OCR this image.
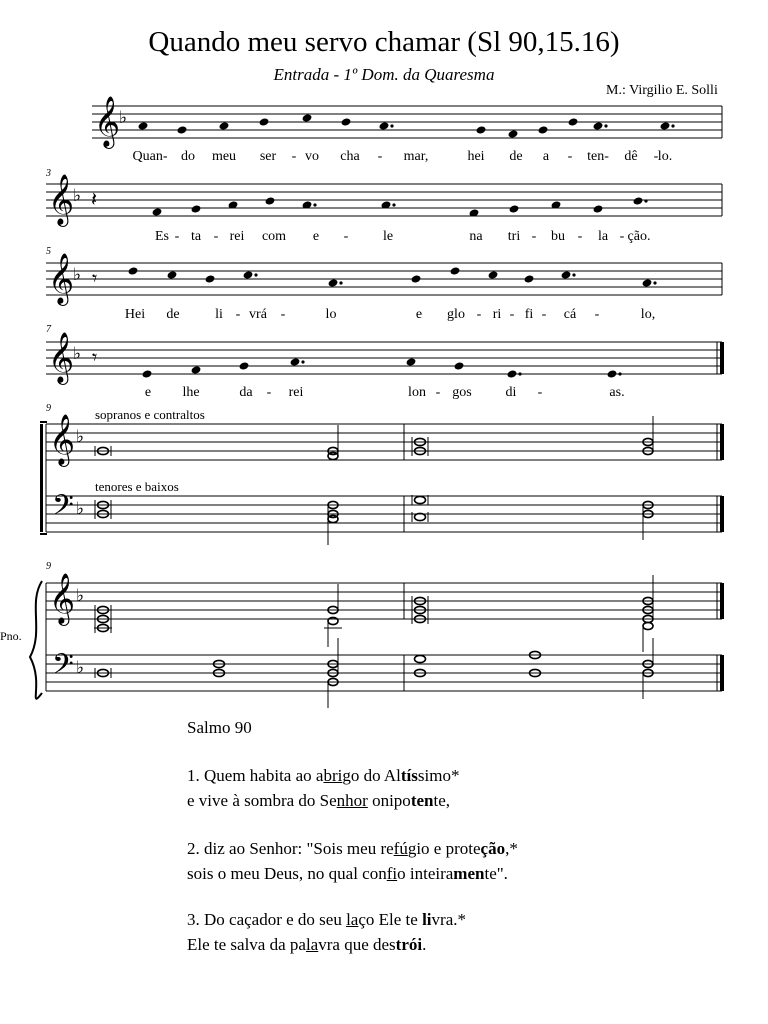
Quando meu servo chamar (Sl 90,15.16)
Entrada - 1º Dom. da Quaresma
M.: Virgilio E. Solli
𝄞
♭
𝄞
♭ 𝄽
𝄞
♭ 𝄾
𝄞
♭ 𝄾
𝄞 ♭
𝄢 ♭
𝄞 ♭
𝄢 ♭
3
5
7
9
9
sopranos e contraltos
tenores e baixos
Pno.
Quan- do meu ser - vo cha - mar,	hei de a - ten- dê - lo.
Es - ta - rei com e - le	na tri - bu - la - ção.
Hei de	li - vrá -	lo	e glo - ri - fi - cá -	lo,
e lhe	da - rei	lon - gos di -	as.
Salmo 90
1. Quem habita ao abrigo do Altíssimo*
e vive à sombra do Senhor onipotente,
2. diz ao Senhor: "Sois meu refúgio e proteção,*
sois o meu Deus, no qual confio inteiramente".
3. Do caçador e do seu laço Ele te livra.*
Ele te salva da palavra que destrói.
